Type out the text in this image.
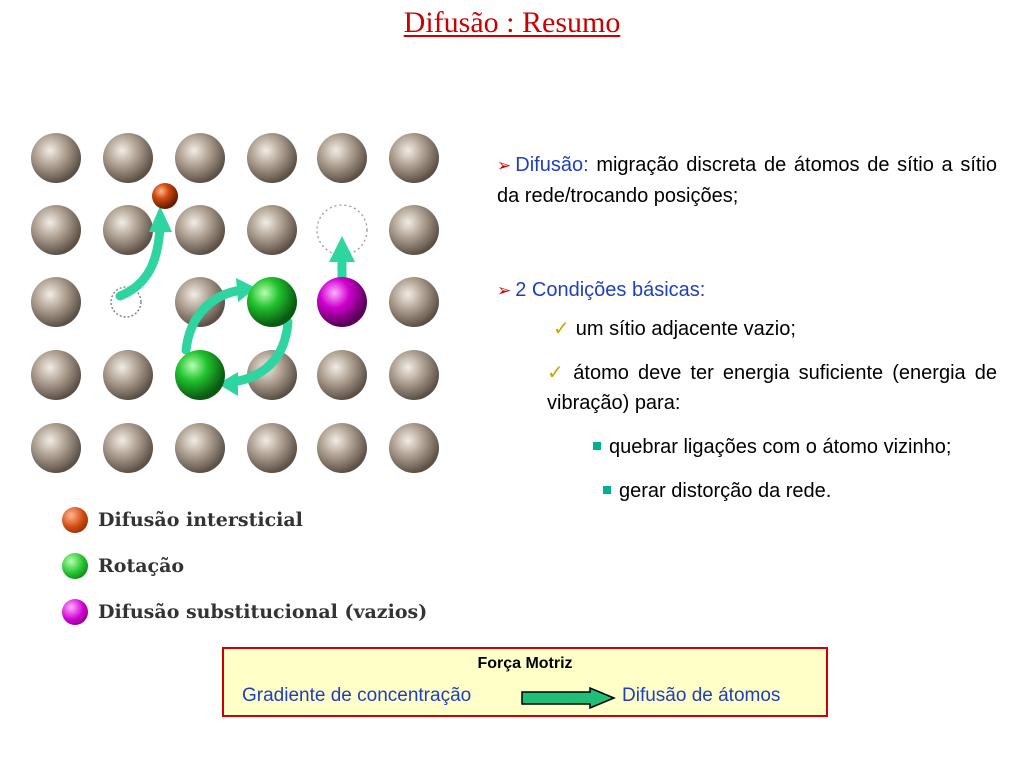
Difusão : Resumo
Difusão intersticial
Rotação
Difusão substitucional (vazios)

➢ Difusão: migração discreta de átomos de sítio a sítio da rede/trocando posições;

➢ 2 Condições básicas:

✓ um sítio adjacente vazio;

✓ átomo deve ter energia suficiente (energia de vibração) para:

quebrar ligações com o átomo vizinho;

gerar distorção da rede.

Força Motriz
Gradiente de concentração	Difusão de átomos
